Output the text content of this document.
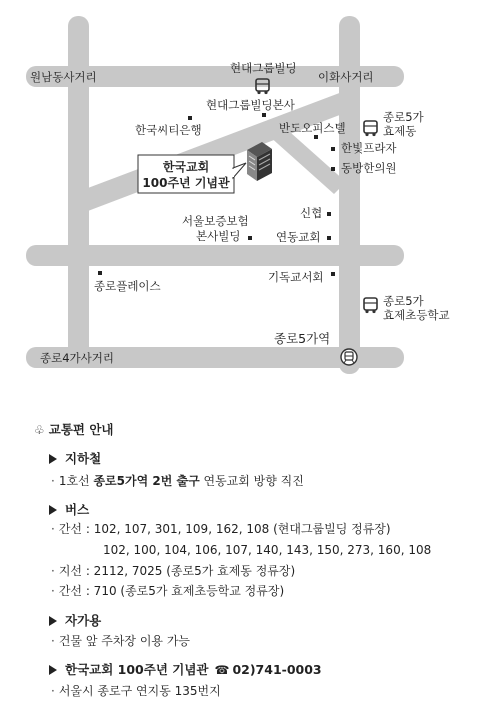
원남동사거리	이화사거리
종로4가사거리
현대그룹빌딩
현대그룹빌딩본사
한국씨티은행	반도오피스텔
한빛프라자
동방한의원
종로5가
효제동
한국교회
100주년 기념관
서울보증보험
본사빌딩
신협
연동교회
기독교서회
종로플레이스
종로5가
효제초등학교
종로5가역
♧ 교통편 안내
지하철
· 1호선 종로5가역 2번 출구 연동교회 방향 직진
버스
· 간선 : 102, 107, 301, 109, 162, 108 (현대그룹빌딩 정류장)
102, 100, 104, 106, 107, 140, 143, 150, 273, 160, 108
· 지선 : 2112, 7025 (종로5가 효제동 정류장)
· 간선 : 710 (종로5가 효제초등학교 정류장)
자가용
· 건물 앞 주차장 이용 가능
한국교회 100주년 기념관 ☎ 02)741-0003
· 서울시 종로구 연지동 135번지
